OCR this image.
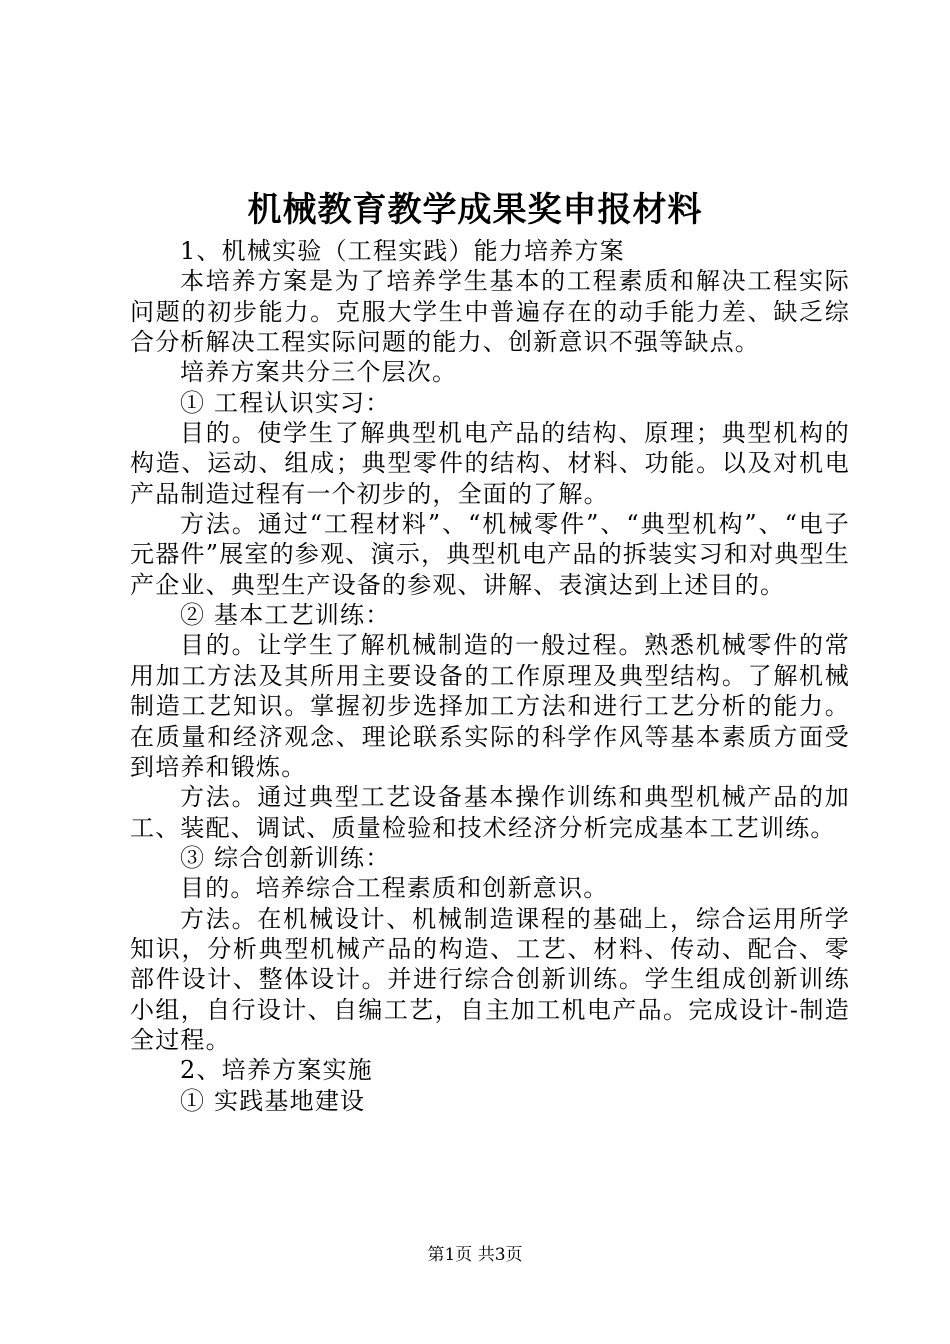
机械教育教学成果奖申报材料

1、机械实验（工程实践）能力培养方案

本培养方案是为了培养学生基本的工程素质和解决工程实际问题的初步能力。克服大学生中普遍存在的动手能力差、缺乏综合分析解决工程实际问题的能力、创新意识不强等缺点。

培养方案共分三个层次。

① 工程认识实习：

目的。使学生了解典型机电产品的结构、原理；典型机构的构造、运动、组成；典型零件的结构、材料、功能。以及对机电产品制造过程有一个初步的，全面的了解。

方法。通过“工程材料”、“机械零件”、“典型机构”、“电子元器件”展室的参观、演示，典型机电产品的拆装实习和对典型生产企业、典型生产设备的参观、讲解、表演达到上述目的。

② 基本工艺训练：

目的。让学生了解机械制造的一般过程。熟悉机械零件的常用加工方法及其所用主要设备的工作原理及典型结构。了解机械制造工艺知识。掌握初步选择加工方法和进行工艺分析的能力。在质量和经济观念、理论联系实际的科学作风等基本素质方面受到培养和锻炼。

方法。通过典型工艺设备基本操作训练和典型机械产品的加工、装配、调试、质量检验和技术经济分析完成基本工艺训练。

③ 综合创新训练：

目的。培养综合工程素质和创新意识。

方法。在机械设计、机械制造课程的基础上，综合运用所学知识，分析典型机械产品的构造、工艺、材料、传动、配合、零部件设计、整体设计。并进行综合创新训练。学生组成创新训练小组，自行设计、自编工艺，自主加工机电产品。完成设计-制造全过程。

2、培养方案实施

① 实践基地建设

第1页 共3页
